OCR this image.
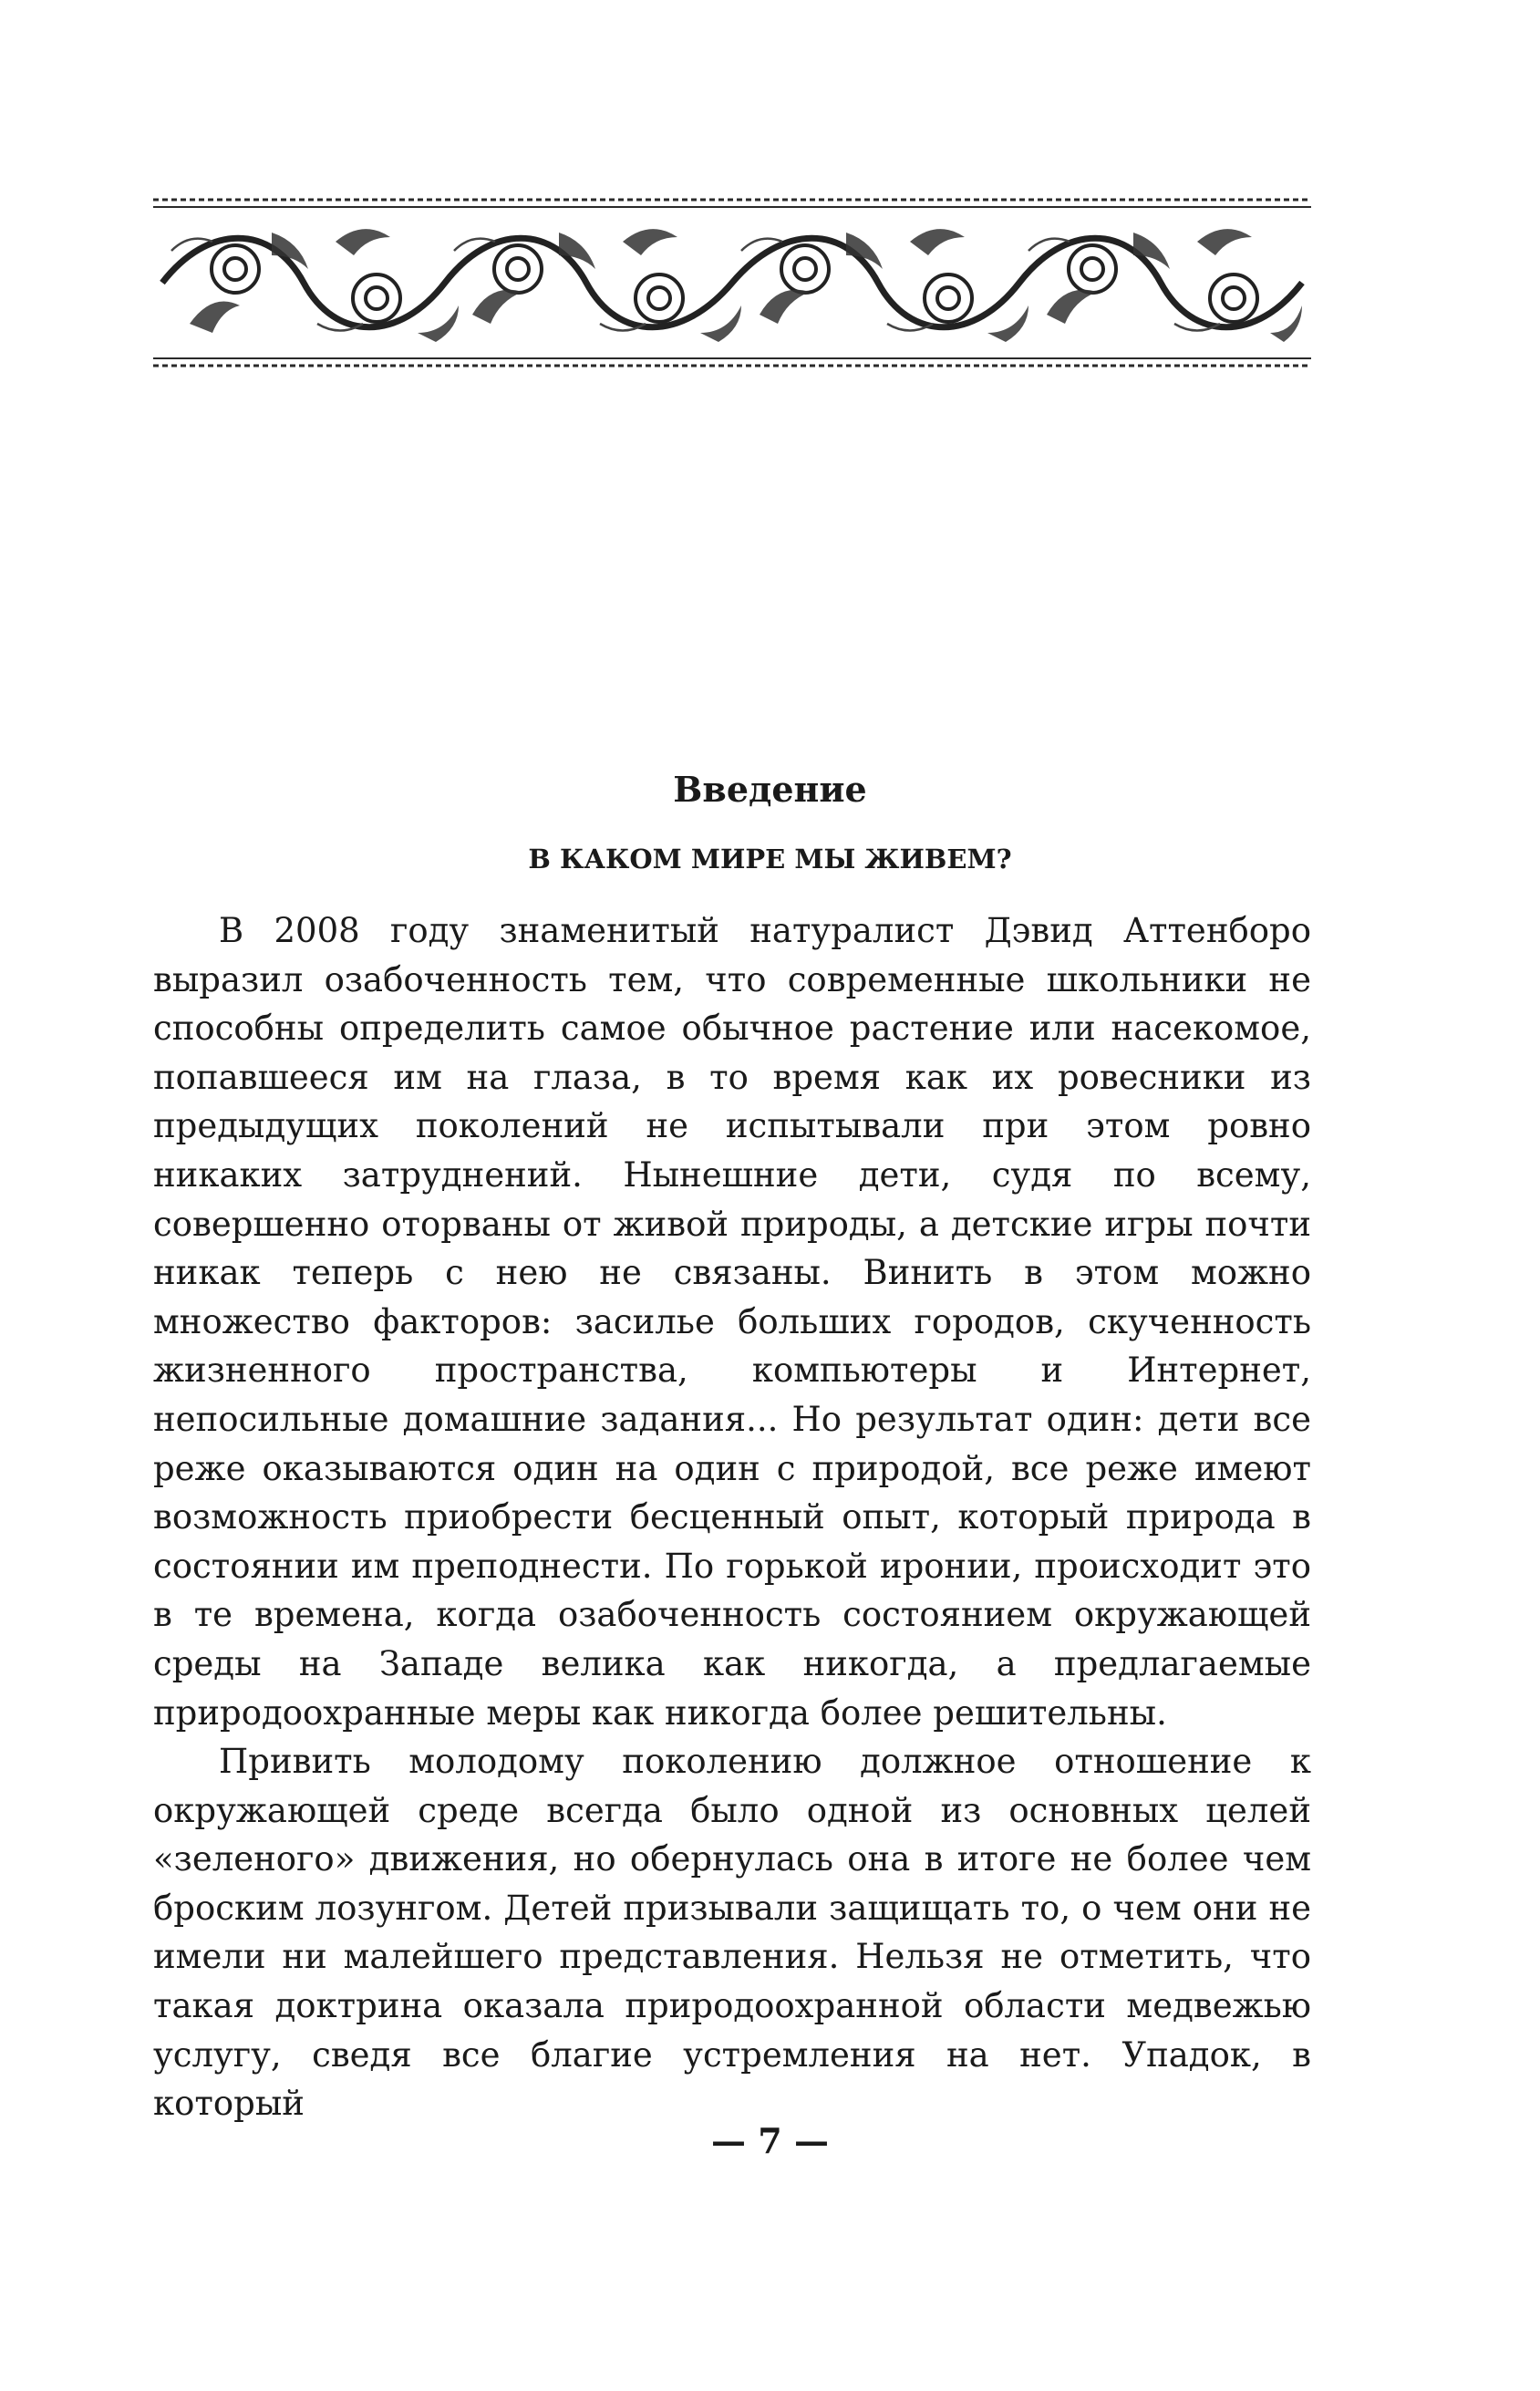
Введение
В КАКОМ МИРЕ МЫ ЖИВЕМ?

В 2008 году знаменитый натуралист Дэвид Аттенборо выразил озабоченность тем, что современные школьники не способны определить самое обычное растение или насекомое, попавшееся им на глаза, в то время как их ровесники из предыдущих поколений не испытывали при этом ровно никаких затруднений. Нынешние дети, судя по всему, совершенно оторваны от живой природы, а детские игры почти никак теперь с нею не связаны. Винить в этом можно множество факторов: засилье больших городов, скученность жизненного пространства, компьютеры и Интернет, непосильные домашние задания... Но результат один: дети все реже оказываются один на один с природой, все реже имеют возможность приобрести бесценный опыт, который природа в состоянии им преподнести. По горькой иронии, происходит это в те времена, когда озабоченность состоянием окружающей среды на Западе велика как никогда, а предлагаемые природоохранные меры как никогда более решительны.

Привить молодому поколению должное отношение к окружающей среде всегда было одной из основных целей «зеленого» движения, но обернулась она в итоге не более чем броским лозунгом. Детей призывали защищать то, о чем они не имели ни малейшего представления. Нельзя не отметить, что такая доктрина оказала природоохранной области медвежью услугу, сведя все благие устремления на нет. Упадок, в который

— 7 —
